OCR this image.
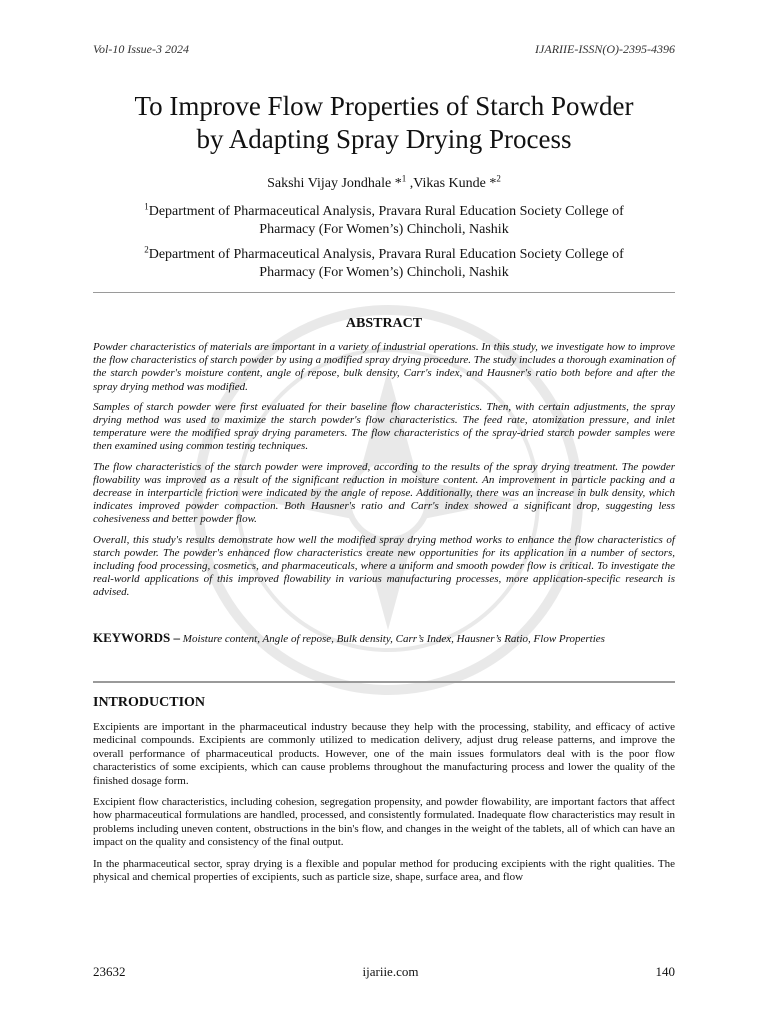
Vol-10 Issue-3 2024	IJARIIE-ISSN(O)-2395-4396
To Improve Flow Properties of Starch Powder
by Adapting Spray Drying Process
Sakshi Vijay Jondhale *$^1$ ,Vikas Kunde *$^2$
$^1$Department of Pharmaceutical Analysis, Pravara Rural Education Society College of
Pharmacy (For Women’s) Chincholi, Nashik
$^2$Department of Pharmaceutical Analysis, Pravara Rural Education Society College of
Pharmacy (For Women’s) Chincholi, Nashik
ABSTRACT

Powder characteristics of materials are important in a variety of industrial operations. In this study, we investigate how to improve the flow characteristics of starch powder by using a modified spray drying procedure. The study includes a thorough examination of the starch powder's moisture content, angle of repose, bulk density, Carr's index, and Hausner's ratio both before and after the spray drying method was modified.

Samples of starch powder were first evaluated for their baseline flow characteristics. Then, with certain adjustments, the spray drying method was used to maximize the starch powder's flow characteristics. The feed rate, atomization pressure, and inlet temperature were the modified spray drying parameters. The flow characteristics of the spray-dried starch powder samples were then examined using common testing techniques.

The flow characteristics of the starch powder were improved, according to the results of the spray drying treatment. The powder flowability was improved as a result of the significant reduction in moisture content. An improvement in particle packing and a decrease in interparticle friction were indicated by the angle of repose. Additionally, there was an increase in bulk density, which indicates improved powder compaction. Both Hausner's ratio and Carr's index showed a significant drop, suggesting less cohesiveness and better powder flow.

Overall, this study's results demonstrate how well the modified spray drying method works to enhance the flow characteristics of starch powder. The powder's enhanced flow characteristics create new opportunities for its application in a number of sectors, including food processing, cosmetics, and pharmaceuticals, where a uniform and smooth powder flow is critical. To investigate the real-world applications of this improved flowability in various manufacturing processes, more application-specific research is advised.

KEYWORDS – Moisture content, Angle of repose, Bulk density, Carr’s Index, Hausner’s Ratio, Flow Properties
INTRODUCTION

Excipients are important in the pharmaceutical industry because they help with the processing, stability, and efficacy of active medicinal compounds. Excipients are commonly utilized to medication delivery, adjust drug release patterns, and improve the overall performance of pharmaceutical products. However, one of the main issues formulators deal with is the poor flow characteristics of some excipients, which can cause problems throughout the manufacturing process and lower the quality of the finished dosage form.

Excipient flow characteristics, including cohesion, segregation propensity, and powder flowability, are important factors that affect how pharmaceutical formulations are handled, processed, and consistently formulated. Inadequate flow characteristics may result in problems including uneven content, obstructions in the bin's flow, and changes in the weight of the tablets, all of which can have an impact on the quality and consistency of the final output.

In the pharmaceutical sector, spray drying is a flexible and popular method for producing excipients with the right qualities. The physical and chemical properties of excipients, such as particle size, shape, surface area, and flow

23632	ijariie.com	140
